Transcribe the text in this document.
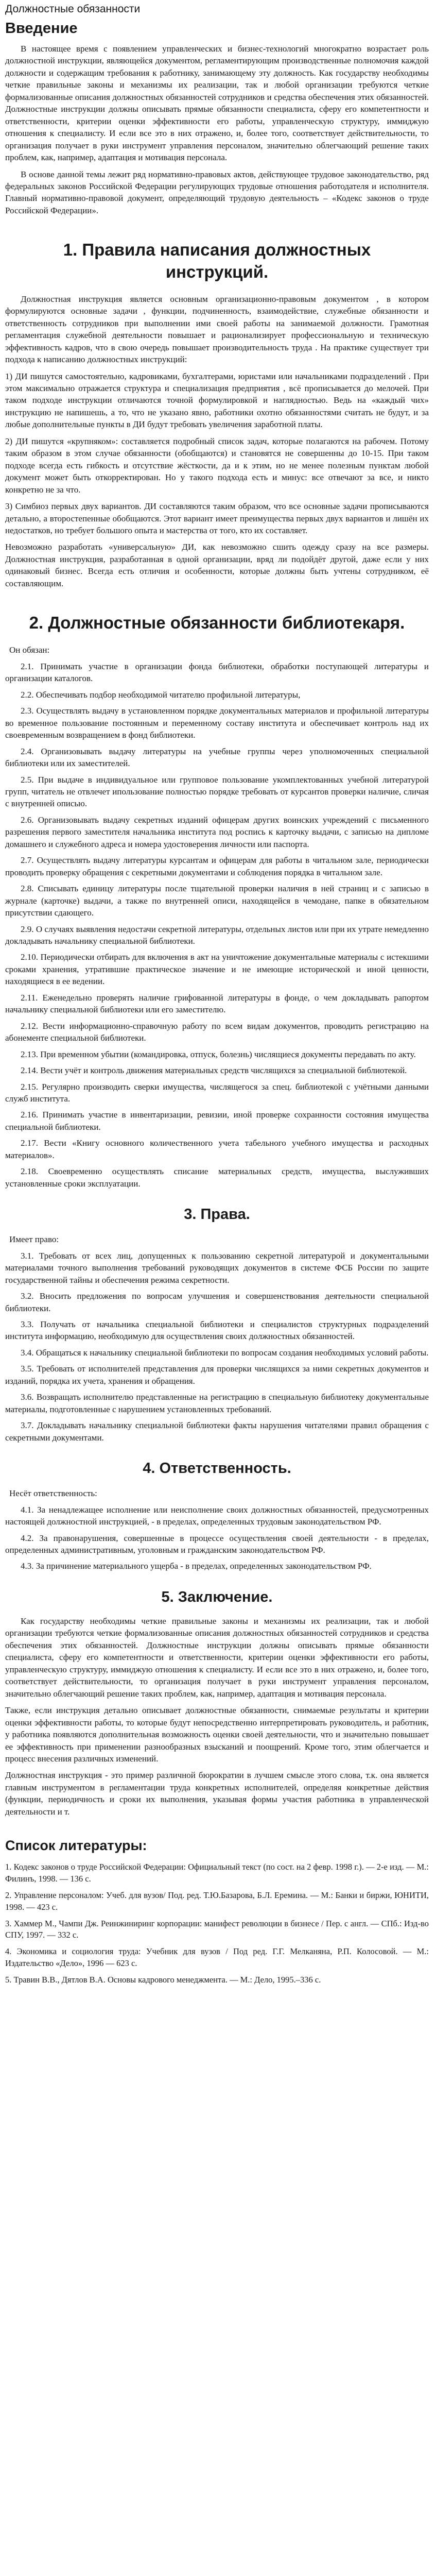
Должностные обязанности
Введение

В настоящее время с появлением управленческих и бизнес-технологий многократно возрастает роль должностной инструкции, являющейся документом, регламентирующим производственные полномочия каждой должности и содержащим требования к работнику, занимающему эту должность. Как государству необходимы четкие правильные законы и механизмы их реализации, так и любой организации требуются четкие формализованные описания должностных обязанностей сотрудников и средства обеспечения этих обязанностей. Должностные инструкции должны описывать прямые обязанности специалиста, сферу его компетентности и ответственности, критерии оценки эффективности его работы, управленческую структуру, иммиджую отношения к специалисту. И если все это в них отражено, и, более того, соответствует действительности, то организация получает в руки инструмент управления персоналом, значительно облегчающий решение таких проблем, как, например, адаптация и мотивация персонала.

В основе данной темы лежит ряд нормативно-правовых актов, действующее трудовое законодательство, ряд федеральных законов Российской Федерации регулирующих трудовые отношения работодателя и исполнителя. Главный нормативно-правовой документ, определяющий трудовую деятельность – «Кодекс законов о труде Российской Федерации».

1. Правила написания должностных инструкций.

Должностная инструкция является основным организационно-правовым документом , в котором формулируются основные задачи , функции, подчиненность, взаимодействие, служебные обязанности и ответственность сотрудников при выполнении ими своей работы на занимаемой должности. Грамотная регламентация служебной деятельности повышает и рационализирует профессиональную и техническую эффективность кадров, что в свою очередь повышает производительность труда . На практике существует три подхода к написанию должностных инструкций:

1) ДИ пишутся самостоятельно, кадровиками, бухгалтерами, юристами или начальниками подразделений . При этом максимально отражается структура и специализация предприятия , всё прописывается до мелочей. При таком подходе инструкции отличаются точной формулировкой и наглядностью. Ведь на «каждый чих» инструкцию не напишешь, а то, что не указано явно, работники охотно обязанностями считать не будут, и за любые дополнительные пункты в ДИ будут требовать увеличения заработной платы.

2) ДИ пишутся «крупняком»: составляется подробный список задач, которые полагаются на рабочем. Потому таким образом в этом случае обязанности (обобщаются) и становятся не совершенны до 10-15. При таком подходе всегда есть гибкость и отсутствие жёсткости, да и к этим, но не менее полезным пунктам любой документ может быть откорректирован. Но у такого подхода есть и минус: все отвечают за все, и никто конкретно не за что.

3) Симбиоз первых двух вариантов. ДИ составляются таким образом, что все основные задачи прописываются детально, а второстепенные обобщаются. Этот вариант имеет преимущества первых двух вариантов и лишён их недостатков, но требует большого опыта и мастерства от того, кто их составляет.

Невозможно разработать «универсальную» ДИ, как невозможно сшить одежду сразу на все размеры. Должностная инструкция, разработанная в одной организации, вряд ли подойдёт другой, даже если у них одинаковый бизнес. Всегда есть отличия и особенности, которые должны быть учтены сотрудником, её составляющим.

2. Должностные обязанности библиотекаря.
Он обязан:

2.1. Принимать участие в организации фонда библиотеки, обработки поступающей литературы и организации каталогов.

2.2. Обеспечивать подбор необходимой читателю профильной литературы,

2.3. Осуществлять выдачу в установленном порядке документальных материалов и профильной литературы во временное пользование постоянным и переменному составу института и обеспечивает контроль над их своевременным возвращением в фонд библиотеки.

2.4. Организовывать выдачу литературы на учебные группы через уполномоченных специальной библиотеки или их заместителей.

2.5. При выдаче в индивидуальное или групповое пользование укомплектованных учебной литературой групп, читатель не отвлечет ипользование полностью порядке требовать от курсантов проверки наличие, сличая с внутренней описью.

2.6. Организовывать выдачу секретных изданий офицерам других воинских учреждений с письменного разрешения первого заместителя начальника института под роспись к карточку выдачи, с записью на дипломе домашнего и служебного адреса и номера удостоверения личности или паспорта.

2.7. Осуществлять выдачу литературы курсантам и офицерам для работы в читальном зале, периодически проводить проверку обращения с секретными документами и соблюдения порядка в читальном зале.

2.8. Списывать единицу литературы после тщательной проверки наличия в ней страниц и с записью в журнале (карточке) выдачи, а также по внутренней описи, находящейся в чемодане, папке в обязательном присутствии сдающего.

2.9. О случаях выявления недостачи секретной литературы, отдельных листов или при их утрате немедленно докладывать начальнику специальной библиотеки.

2.10. Периодически отбирать для включения в акт на уничтожение документальные материалы с истекшими сроками хранения, утратившие практическое значение и не имеющие исторической и иной ценности, находящиеся в ее ведении.

2.11. Еженедельно проверять наличие грифованной литературы в фонде, о чем докладывать рапортом начальнику специальной библиотеки или его заместителю.

2.12. Вести информационно-справочную работу по всем видам документов, проводить регистрацию на абонементе специальной библиотеки.

2.13. При временном убытии (командировка, отпуск, болезнь) числящиеся документы передавать по акту.

2.14. Вести учёт и контроль движения материальных средств числящихся за специальной библиотекой.

2.15. Регулярно производить сверки имущества, числящегося за спец. библиотекой с учётными данными служб института.

2.16. Принимать участие в инвентаризации, ревизии, иной проверке сохранности состояния имущества специальной библиотеки.

2.17. Вести «Книгу основного количественного учета табельного учебного имущества и расходных материалов».

2.18. Своевременно осуществлять списание материальных средств, имущества, выслуживших установленные сроки эксплуатации.

3. Права.
Имеет право:

3.1. Требовать от всех лиц, допущенных к пользованию секретной литературой и документальными материалами точного выполнения требований руководящих документов в системе ФСБ России по защите государственной тайны и обеспечения режима секретности.

3.2. Вносить предложения по вопросам улучшения и совершенствования деятельности специальной библиотеки.

3.3. Получать от начальника специальной библиотеки и специалистов структурных подразделений института информацию, необходимую для осуществления своих должностных обязанностей.

3.4. Обращаться к начальнику специальной библиотеки по вопросам создания необходимых условий работы.

3.5. Требовать от исполнителей представления для проверки числящихся за ними секретных документов и изданий, порядка их учета, хранения и обращения.

3.6. Возвращать исполнителю представленные на регистрацию в специальную библиотеку документальные материалы, подготовленные с нарушением установленных требований.

3.7. Докладывать начальнику специальной библиотеки факты нарушения читателями правил обращения с секретными документами.

4. Ответственность.
Несёт ответственность:

4.1. За ненадлежащее исполнение или неисполнение своих должностных обязанностей, предусмотренных настоящей должностной инструкцией, - в пределах, определенных трудовым законодательством РФ.

4.2. За правонарушения, совершенные в процессе осуществления своей деятельности - в пределах, определенных административным, уголовным и гражданским законодательством РФ.

4.3. За причинение материального ущерба - в пределах, определенных законодательством РФ.

5. Заключение.

Как государству необходимы четкие правильные законы и механизмы их реализации, так и любой организации требуются четкие формализованные описания должностных обязанностей сотрудников и средства обеспечения этих обязанностей. Должностные инструкции должны описывать прямые обязанности специалиста, сферу его компетентности и ответственности, критерии оценки эффективности его работы, управленческую структуру, иммиджую отношения к специалисту. И если все это в них отражено, и, более того, соответствует действительности, то организация получает в руки инструмент управления персоналом, значительно облегчающий решение таких проблем, как, например, адаптация и мотивация персонала.

Также, если инструкция детально описывает должностные обязанности, снимаемые результаты и критерии оценки эффективности работы, то которые будут непосредственно интерпретировать руководитель, и работник, у работника появляются дополнительная возможность оценки своей деятельности, что и значительно повышает ее эффективность при применении разнообразных взысканий и поощрений. Кроме того, этим облегчается и процесс внесения различных изменений.

Должностная инструкция - это пример различной бюрократии в лучшем смысле этого слова, т.к. она является главным инструментом в регламентации труда конкретных исполнителей, определяя конкретные действия (функции, периодичность и сроки их выполнения, указывая формы участия работника в управленческой деятельности и т.

Список литературы:

1. Кодекс законов о труде Российской Федерации: Официальный текст (по сост. на 2 февр. 1998 г.). — 2-е изд. — М.: Филинъ, 1998. — 136 с.

2. Управление персоналом: Учеб. для вузов/ Под. ред. Т.Ю.Базарова, Б.Л. Еремина. — М.: Банки и биржи, ЮНИТИ, 1998. — 423 с.

3. Хаммер М., Чампи Дж. Реинжиниринг корпорации: манифест революции в бизнесе / Пер. с англ. — СПб.: Изд-во СПУ, 1997. — 332 с.

4. Экономика и социология труда: Учебник для вузов / Под ред. Г.Г. Мелканянa, Р.П. Колосовой. — М.: Издательство «Дело», 1996 — 623 с.

5. Травин В.В., Дятлов В.А. Основы кадрового менеджмента. — М.: Дело, 1995.–336 с.
